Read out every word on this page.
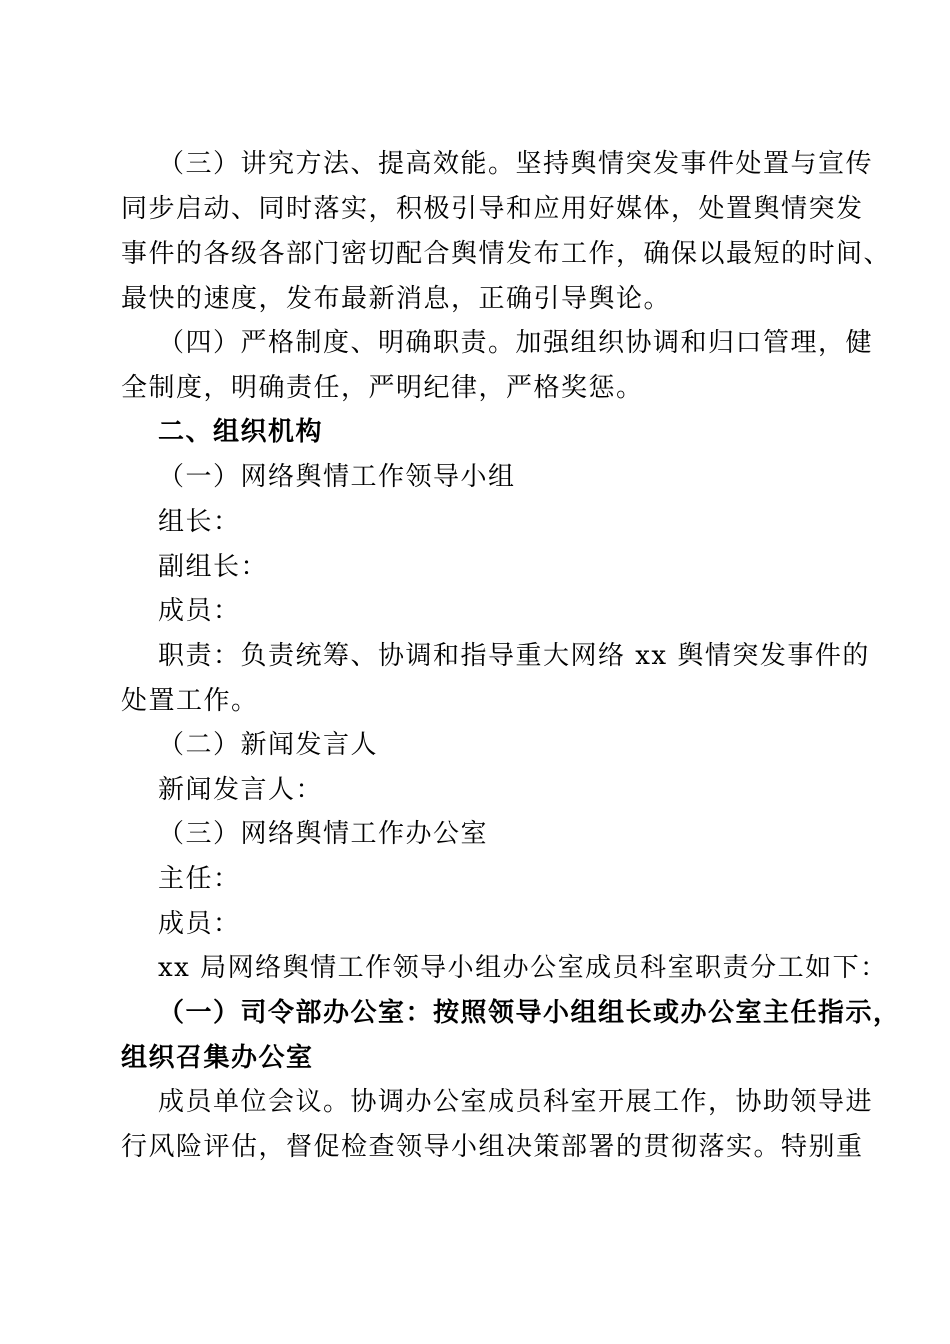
（三）讲究方法、提高效能。坚持舆情突发事件处置与宣传
同步启动、同时落实，积极引导和应用好媒体，处置舆情突发
事件的各级各部门密切配合舆情发布工作，确保以最短的时间、
最快的速度，发布最新消息，正确引导舆论。
（四）严格制度、明确职责。加强组织协调和归口管理，健
全制度，明确责任，严明纪律，严格奖惩。
二、组织机构
（一）网络舆情工作领导小组
组长：
副组长：
成员：
职责：负责统筹、协调和指导重大网络 xx 舆情突发事件的
处置工作。
（二）新闻发言人
新闻发言人：
（三）网络舆情工作办公室
主任：
成员：
xx 局网络舆情工作领导小组办公室成员科室职责分工如下：
（一）司令部办公室：按照领导小组组长或办公室主任指示，
组织召集办公室
成员单位会议。协调办公室成员科室开展工作，协助领导进
行风险评估，督促检查领导小组决策部署的贯彻落实。特别重
